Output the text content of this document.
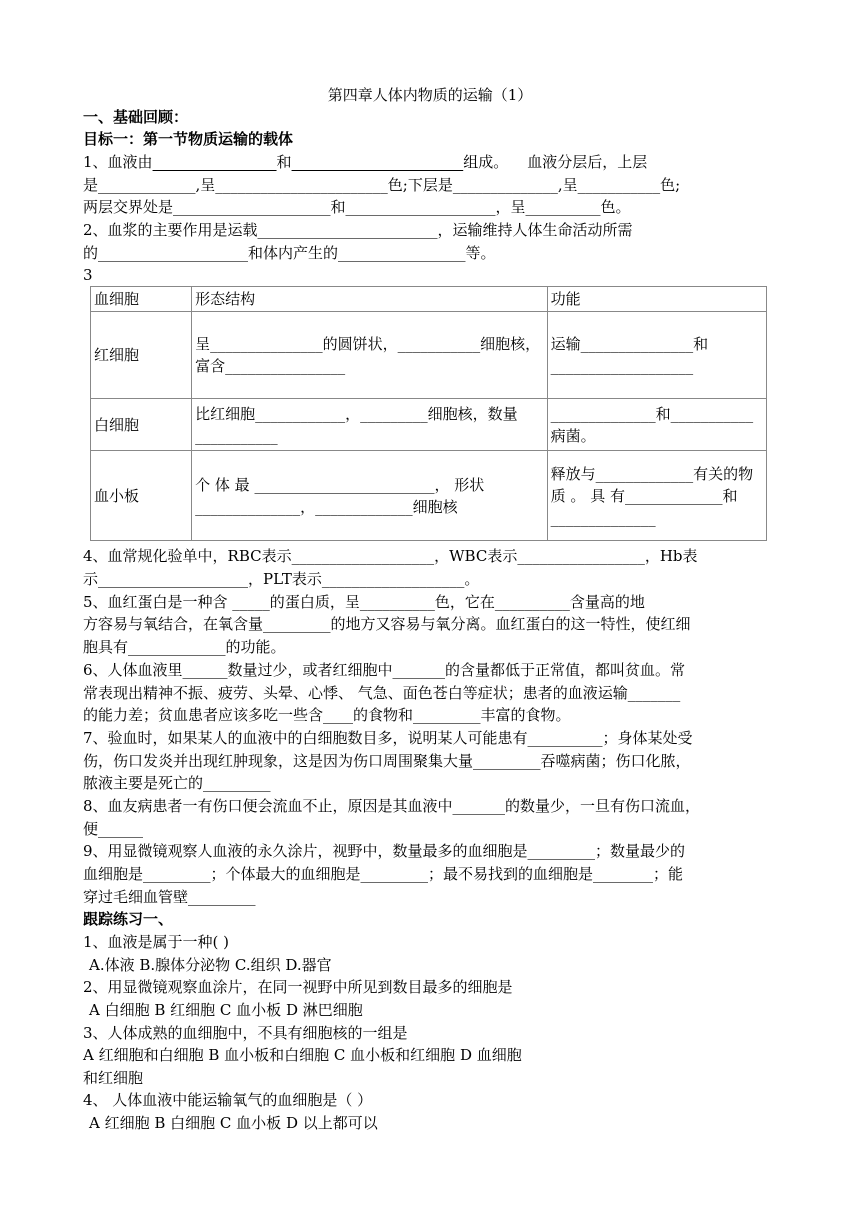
第四章人体内物质的运输（1）
一、基础回顾：
目标一：第一节物质运输的载体
1、血液由	和	组成。 血液分层后，上层
是_____________,呈_______________________色;下层是______________,呈___________色;
两层交界处是_____________________和____________________，呈__________色。
2、血浆的主要作用是运载________________________，运输维持人体生命活动所需
的____________________和体内产生的_________________等。
3
血细胞	形态结构	功能
红细胞	呈_______________的圆饼状，___________细胞核，富含________________	运输_______________和___________________
白细胞	比红细胞____________，_________细胞核，数量___________	______________和___________病菌。
血小板	个 体 最 ________________________， 形状______________，_____________细胞核	释放与_____________有关的物 质 。 具 有_____________和______________
4、血常规化验单中，RBC表示___________________，WBC表示_________________，Hb表
示____________________，PLT表示___________________。
5、血红蛋白是一种含 _____的蛋白质，呈__________色，它在__________含量高的地
方容易与氧结合，在氧含量_________的地方又容易与氧分离。血红蛋白的这一特性，使红细
胞具有_____________的功能。
6、人体血液里______数量过少，或者红细胞中_______的含量都低于正常值，都叫贫血。常
常表现出精神不振、疲劳、头晕、心悸、 气急、面色苍白等症状；患者的血液运输_______
的能力差；贫血患者应该多吃一些含____的食物和_________丰富的食物。
7、验血时，如果某人的血液中的白细胞数目多，说明某人可能患有__________；身体某处受
伤，伤口发炎并出现红肿现象，这是因为伤口周围聚集大量_________吞噬病菌；伤口化脓，
脓液主要是死亡的_________
8、血友病患者一有伤口便会流血不止，原因是其血液中_______的数量少，一旦有伤口流血，
便______
9、用显微镜观察人血液的永久涂片，视野中，数量最多的血细胞是_________；数量最少的
血细胞是_________；个体最大的血细胞是_________；最不易找到的血细胞是________；能
穿过毛细血管壁_________
跟踪练习一、
1、血液是属于一种( )
A.体液 B.腺体分泌物 C.组织 D.器官
2、用显微镜观察血涂片，在同一视野中所见到数目最多的细胞是
A 白细胞 B 红细胞 C 血小板 D 淋巴细胞
3、人体成熟的血细胞中，不具有细胞核的一组是
A 红细胞和白细胞 B 血小板和白细胞 C 血小板和红细胞 D 血细胞
和红细胞
4、 人体血液中能运输氧气的血细胞是（ ）
A 红细胞 B 白细胞 C 血小板 D 以上都可以
